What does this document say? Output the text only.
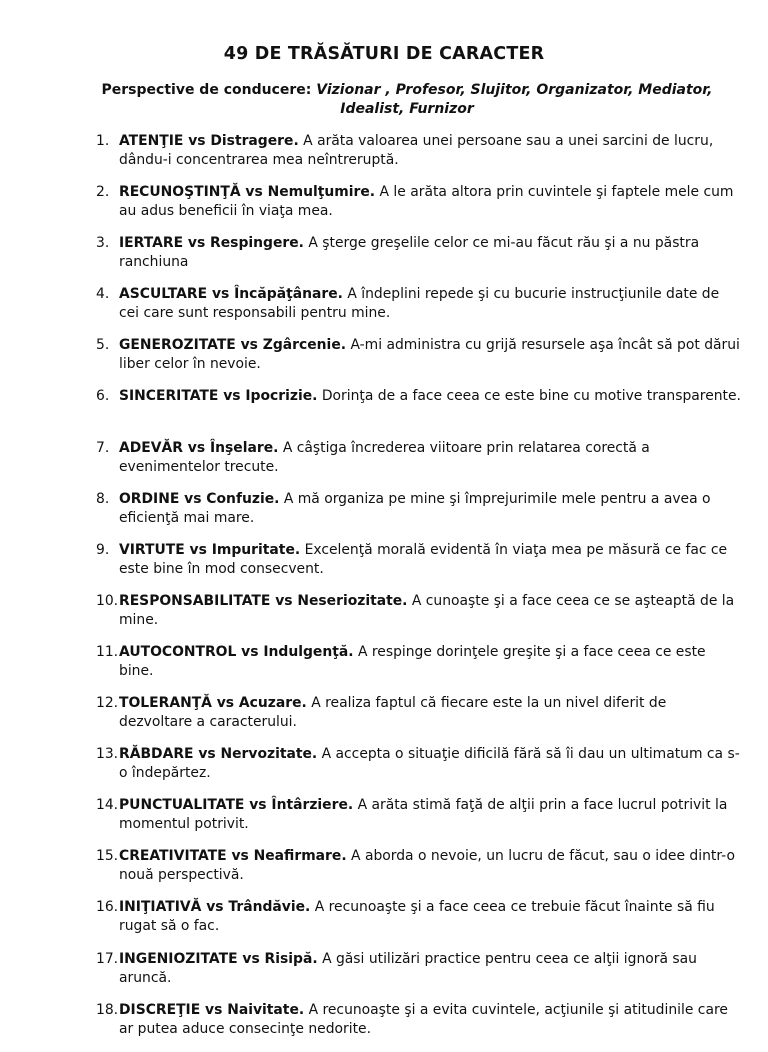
49 DE TRĂSĂTURI DE CARACTER
Perspective de conducere: Vizionar , Profesor, Slujitor, Organizator, Mediator, Idealist, Furnizor
1. ATENŢIE vs Distragere. A arăta valoarea unei persoane sau a unei sarcini de lucru, dându-i concentrarea mea neîntreruptă.
2. RECUNOŞTINŢĂ vs Nemulţumire. A le arăta altora prin cuvintele şi faptele mele cum au adus beneficii în viaţa mea.
3. IERTARE vs Respingere. A şterge greşelile celor ce mi-au făcut rău şi a nu păstra ranchiuna
4. ASCULTARE vs Încăpăţânare. A îndeplini repede şi cu bucurie instrucţiunile date de cei care sunt responsabili pentru mine.
5. GENEROZITATE vs Zgârcenie. A-mi administra cu grijă resursele aşa încât să pot dărui liber celor în nevoie.
6. SINCERITATE vs Ipocrizie. Dorinţa de a face ceea ce este bine cu motive transparente.
7. ADEVĂR vs Înşelare. A câştiga încrederea viitoare prin relatarea corectă a evenimentelor trecute.
8. ORDINE vs Confuzie. A mă organiza pe mine şi împrejurimile mele pentru a avea o eficienţă mai mare.
9. VIRTUTE vs Impuritate. Excelenţă morală evidentă în viaţa mea pe măsură ce fac ce este bine în mod consecvent.
10. RESPONSABILITATE vs Neseriozitate. A cunoaşte şi a face ceea ce se aşteaptă de la mine.
11. AUTOCONTROL vs Indulgenţă. A respinge dorinţele greşite şi a face ceea ce este bine.
12. TOLERANŢĂ vs Acuzare. A realiza faptul că fiecare este la un nivel diferit de dezvoltare a caracterului.
13. RĂBDARE vs Nervozitate. A accepta o situaţie dificilă fără să îi dau un ultimatum ca s-o îndepărtez.
14. PUNCTUALITATE vs Întârziere. A arăta stimă faţă de alţii prin a face lucrul potrivit la momentul potrivit.
15. CREATIVITATE vs Neafirmare. A aborda o nevoie, un lucru de făcut, sau o idee dintr-o nouă perspectivă.
16. INIŢIATIVĂ vs Trândăvie. A recunoaşte şi a face ceea ce trebuie făcut înainte să fiu rugat să o fac.
17. INGENIOZITATE vs Risipă. A găsi utilizări practice pentru ceea ce alţii ignoră sau aruncă.
18. DISCREŢIE vs Naivitate. A recunoaşte şi a evita cuvintele, acţiunile şi atitudinile care ar putea aduce consecinţe nedorite.
